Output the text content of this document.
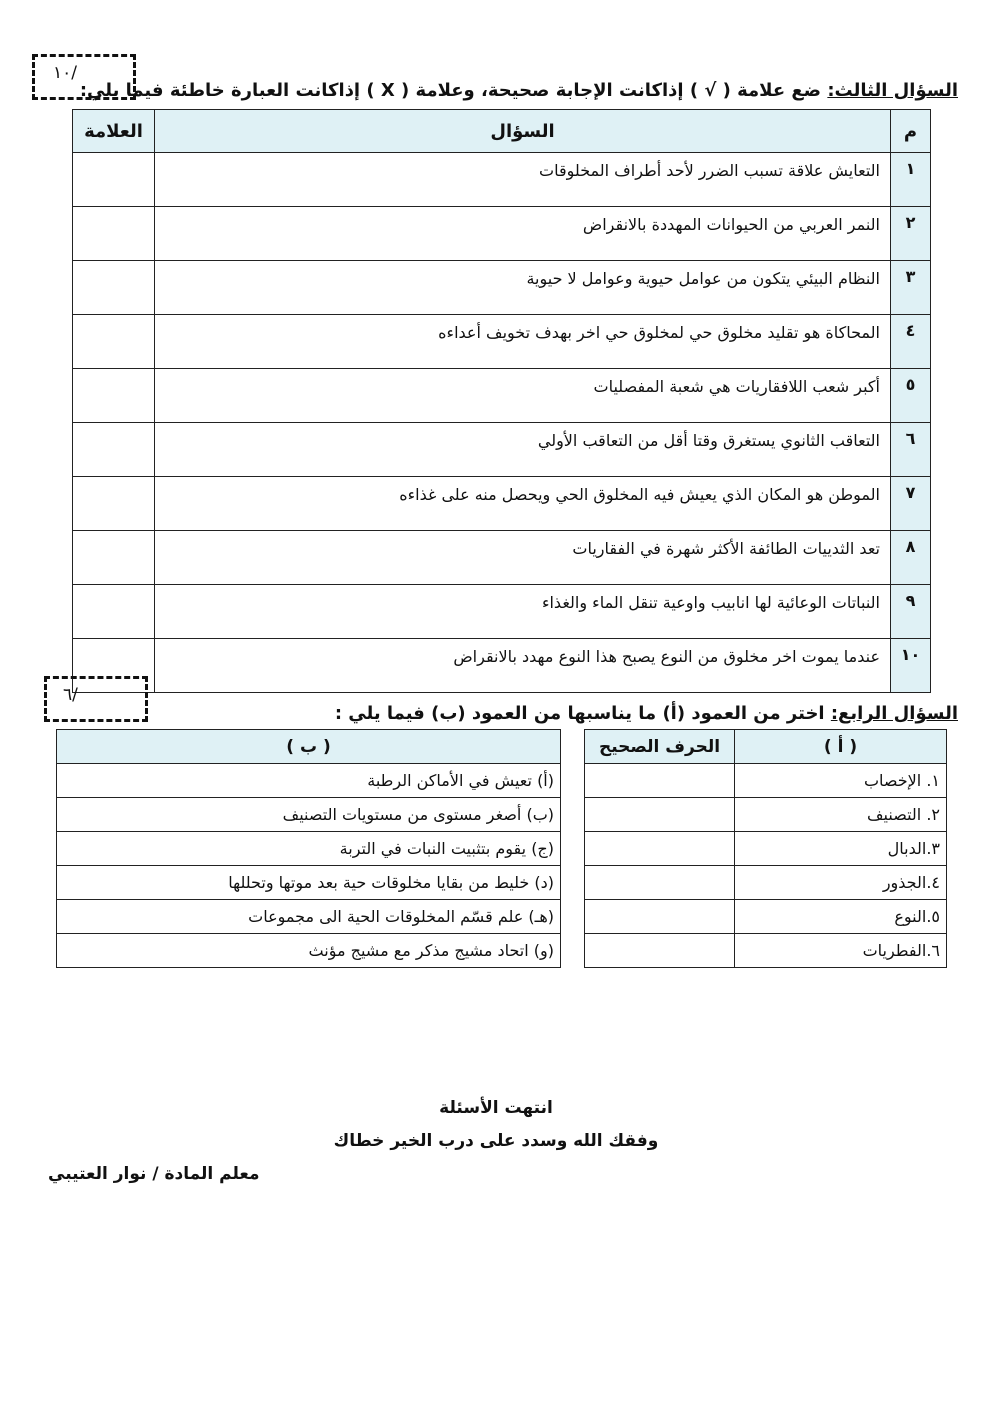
١٠/
السؤال الثالث: ضع علامة ( √ ) إذاكانت الإجابة صحيحة، وعلامة ( X ) إذاكانت العبارة خاطئة فيما يلي:
م	السؤال	العلامة
١	التعايش علاقة تسبب الضرر لأحد أطراف المخلوقات	
٢	النمر العربي من الحيوانات المهددة بالانقراض	
٣	النظام البيئي يتكون من عوامل حيوية وعوامل لا حيوية	
٤	المحاكاة هو تقليد مخلوق حي لمخلوق حي اخر بهدف تخويف أعداءه	
٥	أكبر شعب اللافقاريات هي شعبة المفصليات	
٦	التعاقب الثانوي يستغرق وقتا أقل من التعاقب الأولي	
٧	الموطن هو المكان الذي يعيش فيه المخلوق الحي ويحصل منه على غذاءه	
٨	تعد الثدييات الطائفة الأكثر شهرة في الفقاريات	
٩	النباتات الوعائية لها انابيب واوعية تنقل الماء والغذاء	
١٠	عندما يموت اخر مخلوق من النوع يصبح هذا النوع مهدد بالانقراض	
٦/
السؤال الرابع: اختر من العمود (أ) ما يناسبها من العمود (ب) فيما يلي :
( أ )	الحرف الصحيح
١. الإخصاب	
٢. التصنيف	
٣.الدبال	
٤.الجذور	
٥.النوع	
٦.الفطريات	
( ب )
(أ) تعيش في الأماكن الرطبة
(ب) أصغر مستوى من مستويات التصنيف
(ج) يقوم بتثبيت النبات في التربة
(د) خليط من بقايا مخلوقات حية بعد موتها وتحللها
(هـ) علم قسّم المخلوقات الحية الى مجموعات
(و) اتحاد مشيج مذكر مع مشيج مؤنث
انتهت الأسئلة
وفقك الله وسدد على درب الخير خطاك
معلم المادة / نوار العتيبي
